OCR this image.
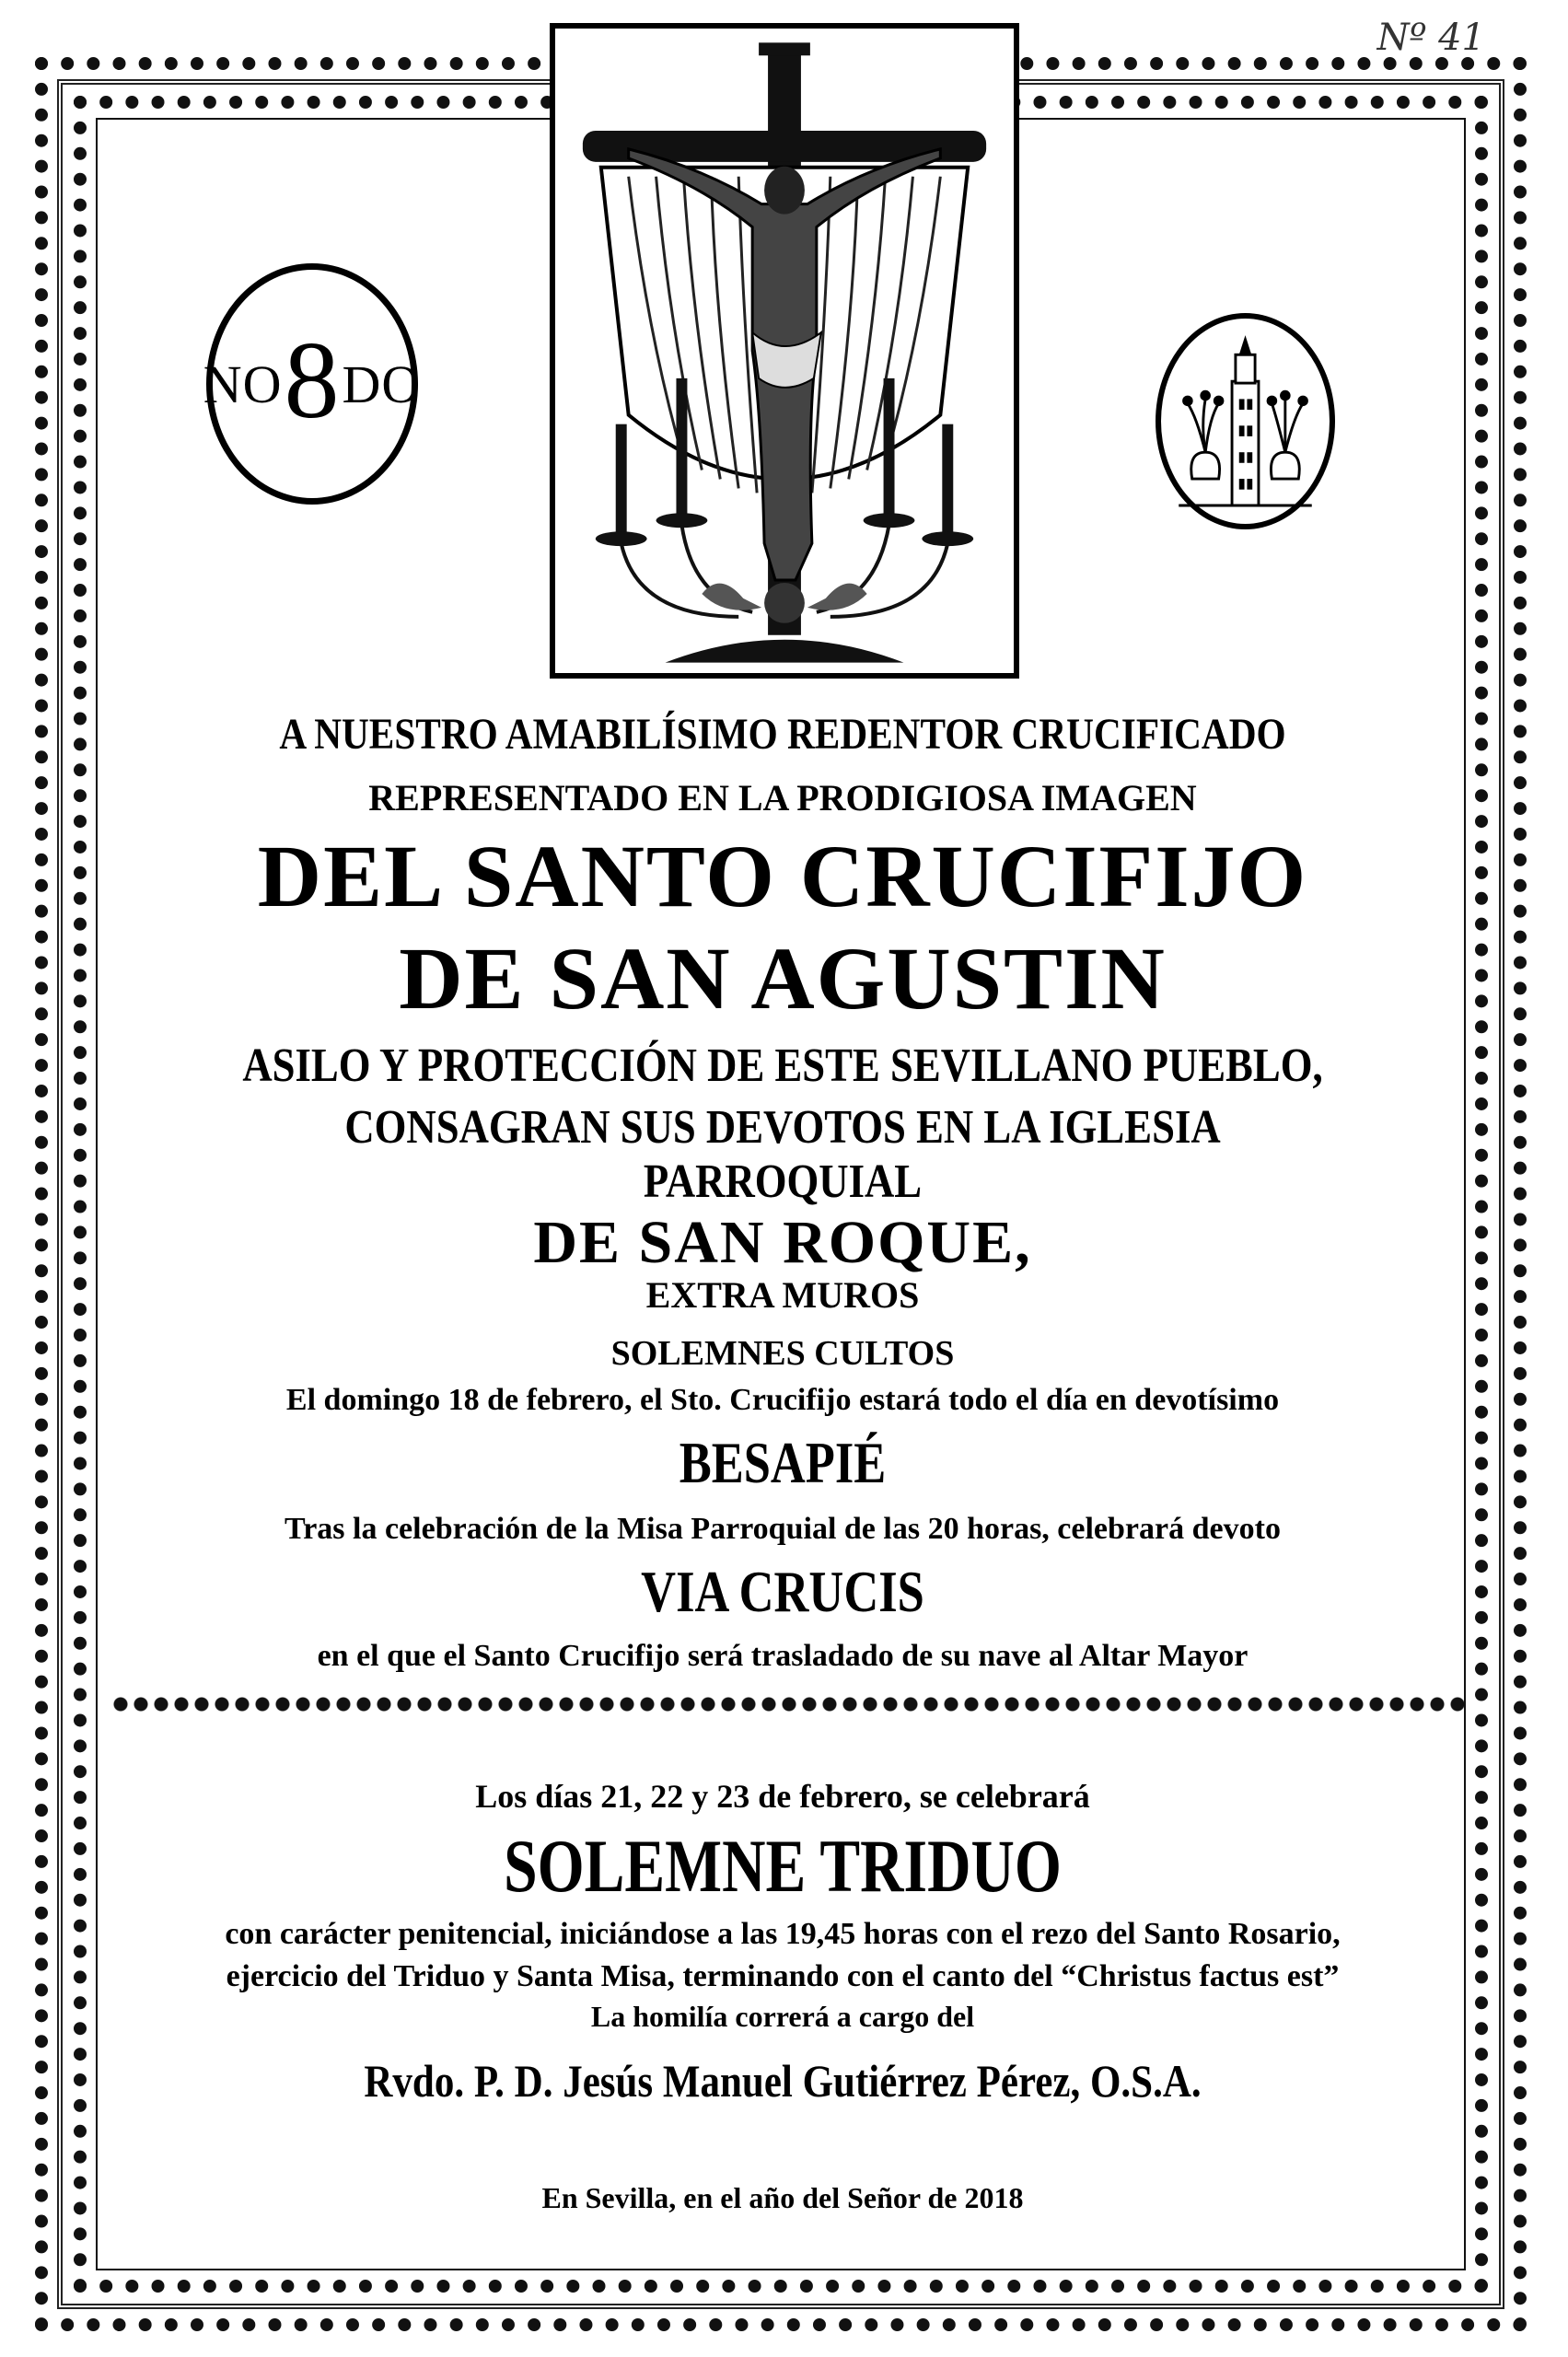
Nº 41
NO 8 DO
A NUESTRO AMABILÍSIMO REDENTOR CRUCIFICADO
REPRESENTADO EN LA PRODIGIOSA IMAGEN
DEL SANTO CRUCIFIJO
DE SAN AGUSTIN
ASILO Y PROTECCIÓN DE ESTE SEVILLANO PUEBLO,
CONSAGRAN SUS DEVOTOS EN LA IGLESIA PARROQUIAL
DE SAN ROQUE,
EXTRA MUROS
SOLEMNES CULTOS
El domingo 18 de febrero, el Sto. Crucifijo estará todo el día en devotísimo
BESAPIÉ
Tras la celebración de la Misa Parroquial de las 20 horas, celebrará devoto
VIA CRUCIS
en el que el Santo Crucifijo será trasladado de su nave al Altar Mayor
Los días 21, 22 y 23 de febrero, se celebrará
SOLEMNE TRIDUO
con carácter penitencial, iniciándose a las 19,45 horas con el rezo del Santo Rosario,
ejercicio del Triduo y Santa Misa, terminando con el canto del “Christus factus est”
La homilía correrá a cargo del
Rvdo. P. D. Jesús Manuel Gutiérrez Pérez, O.S.A.
En Sevilla, en el año del Señor de 2018
